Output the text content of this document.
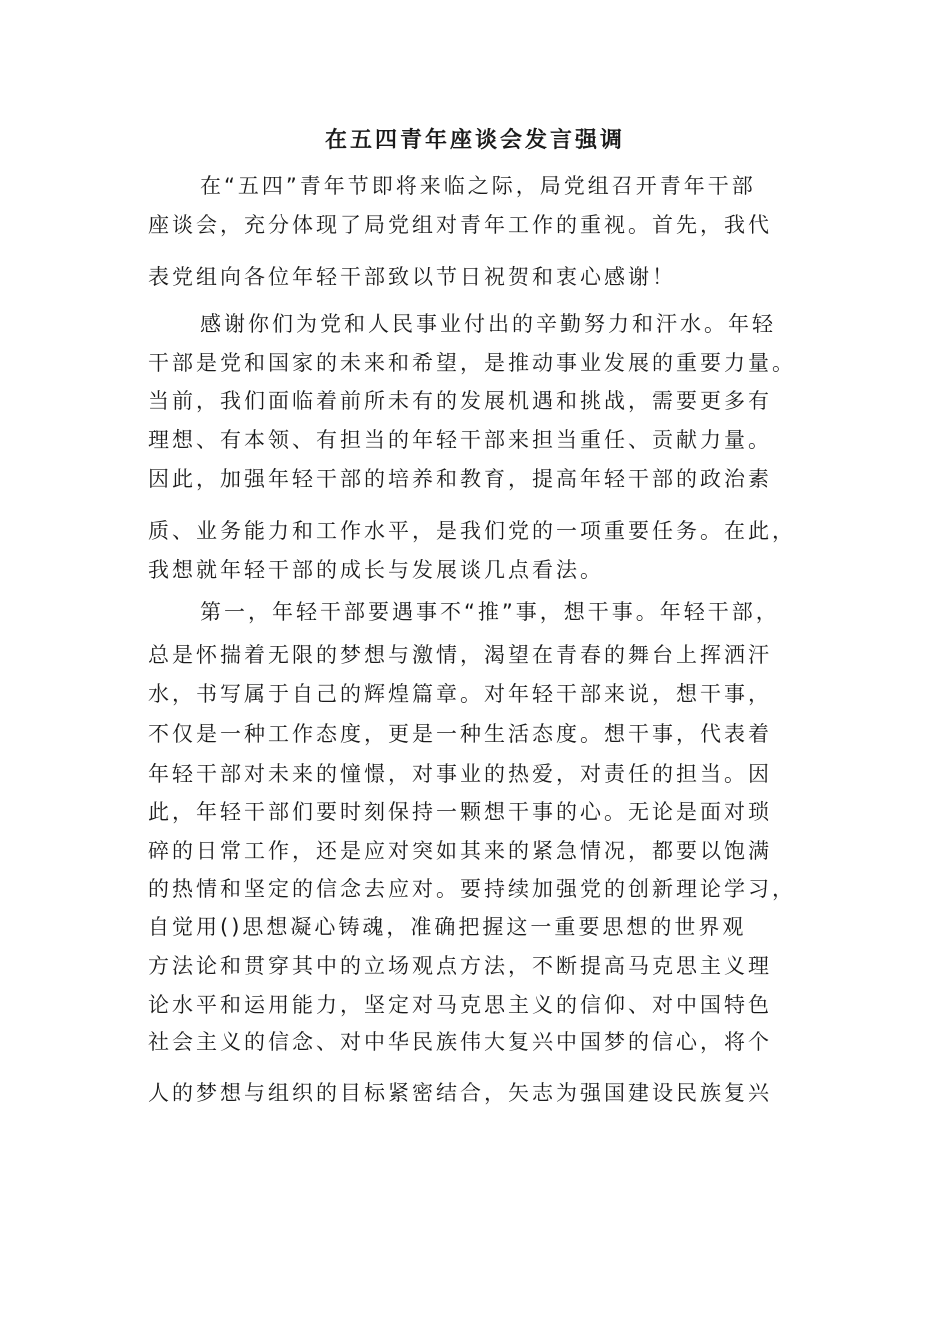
在五四青年座谈会发言强调
在“五四”青年节即将来临之际，局党组召开青年干部
座谈会，充分体现了局党组对青年工作的重视。首先，我代
表党组向各位年轻干部致以节日祝贺和衷心感谢！
感谢你们为党和人民事业付出的辛勤努力和汗水。年轻
干部是党和国家的未来和希望，是推动事业发展的重要力量。
当前，我们面临着前所未有的发展机遇和挑战，需要更多有
理想、有本领、有担当的年轻干部来担当重任、贡献力量。
因此，加强年轻干部的培养和教育，提高年轻干部的政治素
质、业务能力和工作水平，是我们党的一项重要任务。在此，
我想就年轻干部的成长与发展谈几点看法。
第一，年轻干部要遇事不“推”事，想干事。年轻干部，
总是怀揣着无限的梦想与激情，渴望在青春的舞台上挥洒汗
水，书写属于自己的辉煌篇章。对年轻干部来说，想干事，
不仅是一种工作态度，更是一种生活态度。想干事，代表着
年轻干部对未来的憧憬，对事业的热爱，对责任的担当。因
此，年轻干部们要时刻保持一颗想干事的心。无论是面对琐
碎的日常工作，还是应对突如其来的紧急情况，都要以饱满
的热情和坚定的信念去应对。要持续加强党的创新理论学习，
自觉用()思想凝心铸魂，准确把握这一重要思想的世界观
方法论和贯穿其中的立场观点方法，不断提高马克思主义理
论水平和运用能力，坚定对马克思主义的信仰、对中国特色
社会主义的信念、对中华民族伟大复兴中国梦的信心，将个
人的梦想与组织的目标紧密结合，矢志为强国建设民族复兴
